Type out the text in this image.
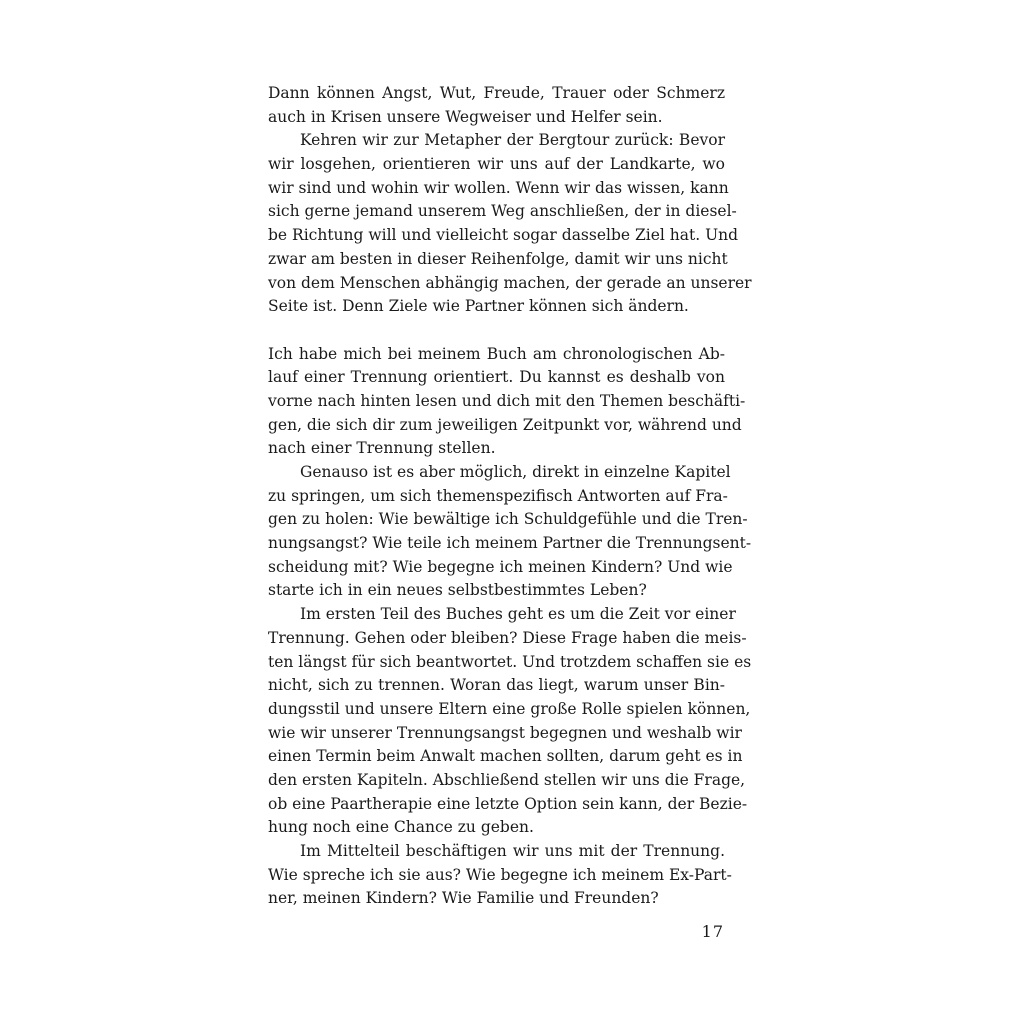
Dann können Angst, Wut, Freude, Trauer oder Schmerz
auch in Krisen unsere Wegweiser und Helfer sein.
Kehren wir zur Metapher der Bergtour zurück: Bevor
wir losgehen, orientieren wir uns auf der Landkarte, wo
wir sind und wohin wir wollen. Wenn wir das wissen, kann
sich gerne jemand unserem Weg anschließen, der in diesel-
be Richtung will und vielleicht sogar dasselbe Ziel hat. Und
zwar am besten in dieser Reihenfolge, damit wir uns nicht
von dem Menschen abhängig machen, der gerade an unserer
Seite ist. Denn Ziele wie Partner können sich ändern.
Ich habe mich bei meinem Buch am chronologischen Ab-
lauf einer Trennung orientiert. Du kannst es deshalb von
vorne nach hinten lesen und dich mit den Themen beschäfti-
gen, die sich dir zum jeweiligen Zeitpunkt vor, während und
nach einer Trennung stellen.
Genauso ist es aber möglich, direkt in einzelne Kapitel
zu springen, um sich themenspezifisch Antworten auf Fra-
gen zu holen: Wie bewältige ich Schuldgefühle und die Tren-
nungsangst? Wie teile ich meinem Partner die Trennungsent-
scheidung mit? Wie begegne ich meinen Kindern? Und wie
starte ich in ein neues selbstbestimmtes Leben?
Im ersten Teil des Buches geht es um die Zeit vor einer
Trennung. Gehen oder bleiben? Diese Frage haben die meis-
ten längst für sich beantwortet. Und trotzdem schaffen sie es
nicht, sich zu trennen. Woran das liegt, warum unser Bin-
dungsstil und unsere Eltern eine große Rolle spielen können,
wie wir unserer Trennungsangst begegnen und weshalb wir
einen Termin beim Anwalt machen sollten, darum geht es in
den ersten Kapiteln. Abschließend stellen wir uns die Frage,
ob eine Paartherapie eine letzte Option sein kann, der Bezie-
hung noch eine Chance zu geben.
Im Mittelteil beschäftigen wir uns mit der Trennung.
Wie spreche ich sie aus? Wie begegne ich meinem Ex-Part-
ner, meinen Kindern? Wie Familie und Freunden?
17
